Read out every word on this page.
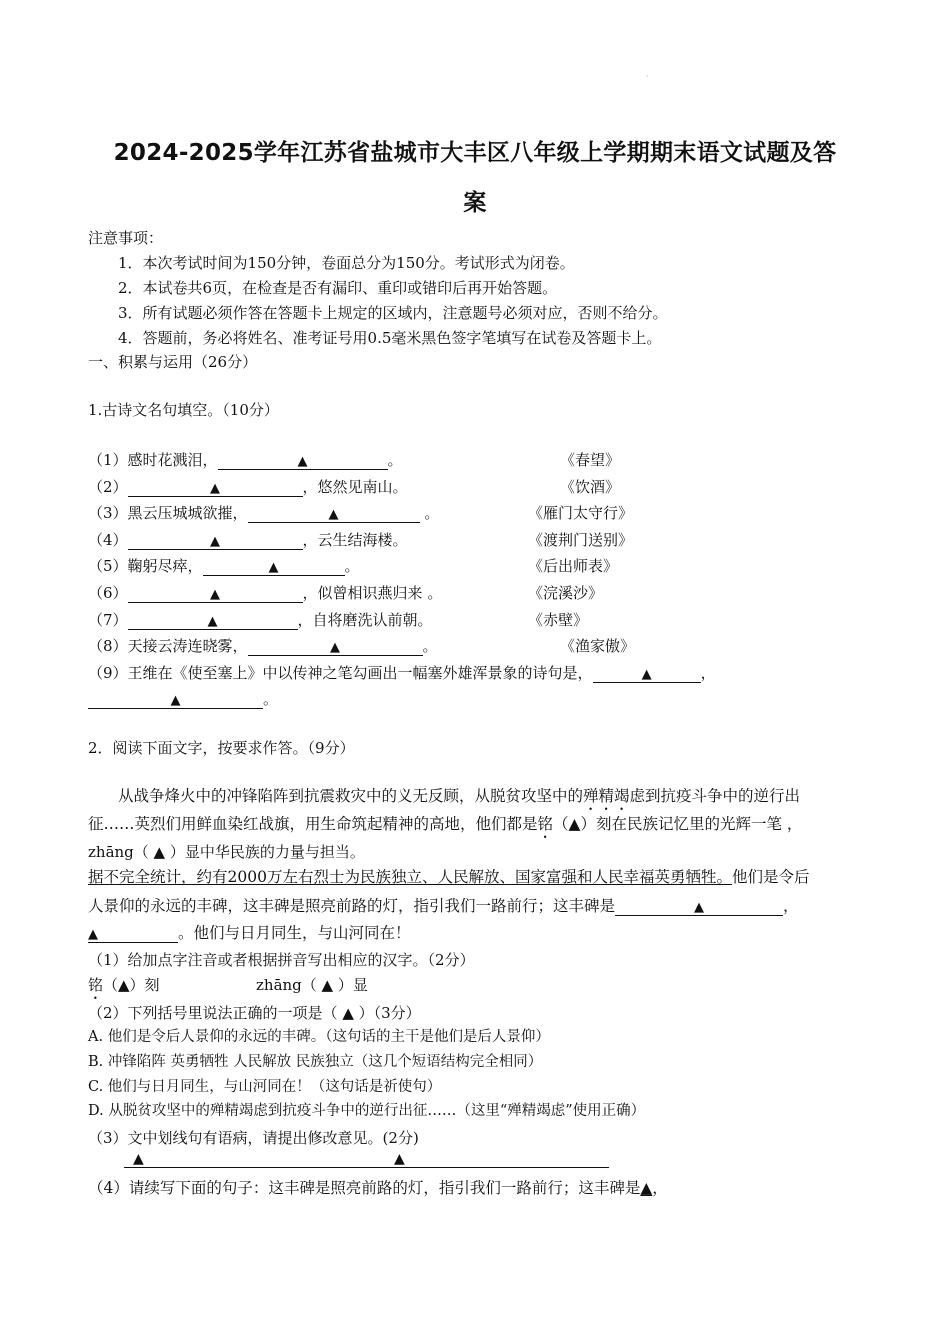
·
2024-2025学年江苏省盐城市大丰区八年级上学期期末语文试题及答
案
注意事项：
1．本次考试时间为150分钟，卷面总分为150分。考试形式为闭卷。
2．本试卷共6页，在检查是否有漏印、重印或错印后再开始答题。
3．所有试题必须作答在答题卡上规定的区域内，注意题号必须对应，否则不给分。
4．答题前，务必将姓名、准考证号用0.5毫米黑色签字笔填写在试卷及答题卡上。
一、积累与运用（26分）
1.古诗文名句填空。（10分）
（1）感时花溅泪，	▲	。	《春望》
（2）	▲	，悠然见南山。	《饮酒》
（3）黑云压城城欲摧，	▲	。	《雁门太守行》
（4）	▲	，云生结海楼。	《渡荆门送别》
（5）鞠躬尽瘁，	▲	。	《后出师表》
（6）	▲	，似曾相识燕归来 。	《浣溪沙》
（7）	▲	，自将磨洗认前朝。	《赤壁》
（8）天接云涛连晓雾，	▲	。	《渔家傲》
（9）王维在《使至塞上》中以传神之笔勾画出一幅塞外雄浑景象的诗句是，	▲	，
▲	。
2．阅读下面文字，按要求作答。（9分）
从战争烽火中的冲锋陷阵到抗震救灾中的义无反顾，从脱贫攻坚中的殚精竭虑到抗疫斗争中的逆行出
征……英烈们用鲜血染红战旗，用生命筑起精神的高地，他们都是铭（▲）刻在民族记忆里的光辉一笔 ，
zhāng（ ▲ ）显中华民族的力量与担当。
据不完全统计，约有2000万左右烈士为民族独立、人民解放、国家富强和人民幸福英勇牺牲。他们是令后
人景仰的永远的丰碑，这丰碑是照亮前路的灯，指引我们一路前行；这丰碑是	▲	，
▲	。他们与日月同生，与山河同在！
（1）给加点字注音或者根据拼音写出相应的汉字。（2分）
铭（▲）刻	zhāng（ ▲ ）显
（2）下列括号里说法正确的一项是（ ▲ ）（3分）
A. 他们是令后人景仰的永远的丰碑。（这句话的主干是他们是后人景仰）
B. 冲锋陷阵 英勇牺牲 人民解放 民族独立（这几个短语结构完全相同）
C. 他们与日月同生，与山河同在！（这句话是祈使句）
D. 从脱贫攻坚中的殚精竭虑到抗疫斗争中的逆行出征……（这里“殚精竭虑”使用正确）
（3）文中划线句有语病，请提出修改意见。(2分)
▲	▲
（4）请续写下面的句子：这丰碑是照亮前路的灯，指引我们一路前行；这丰碑是▲，
